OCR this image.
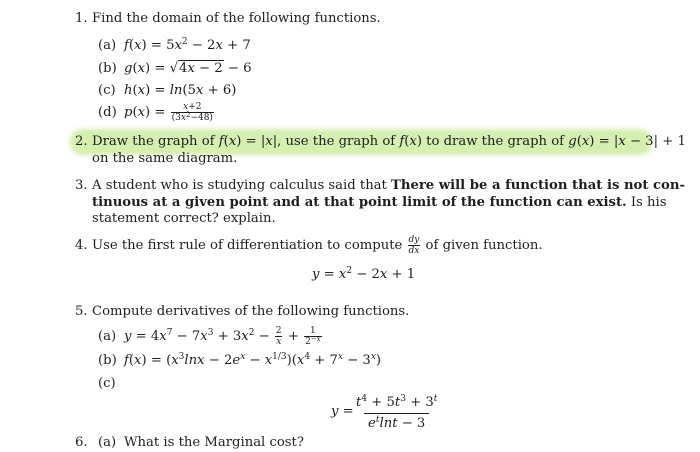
1. Find the domain of the following functions.
(a) $f(x) = 5x^2 - 2x + 7$
(b) g(x) = √4x − 2 − 6
(c) h(x) = ln(5x + 6)
(d) $p(x) = \frac{x+2}{(3x^2-48)}$
2. Draw the graph of f(x) = |x|, use the graph of f(x) to draw the graph of g(x) = |x − 3| + 1
on the same diagram.
3. A student who is studying calculus said that There will be a function that is not con-
tinuous at a given point and at that point limit of the function can exist. Is his
statement correct? explain.
4. Use the first rule of differentiation to compute $\frac{dy}{dx}$ of given function.
$y = x^2 - 2x + 1$
5. Compute derivatives of the following functions.
(a) $y = 4x^7 - 7x^3 + 3x^2 - \frac{2}{x} + \frac{1}{2^{-x}}$
(b) $f(x) = (x^3\ln x - 2e^x - x^{1/3})(x^4 + 7^x - 3^x)$
(c)
$y = \frac{t^4 + 5t^3 + 3^t}{e^t\ln t - 3}$
6. (a) What is the Marginal cost?
